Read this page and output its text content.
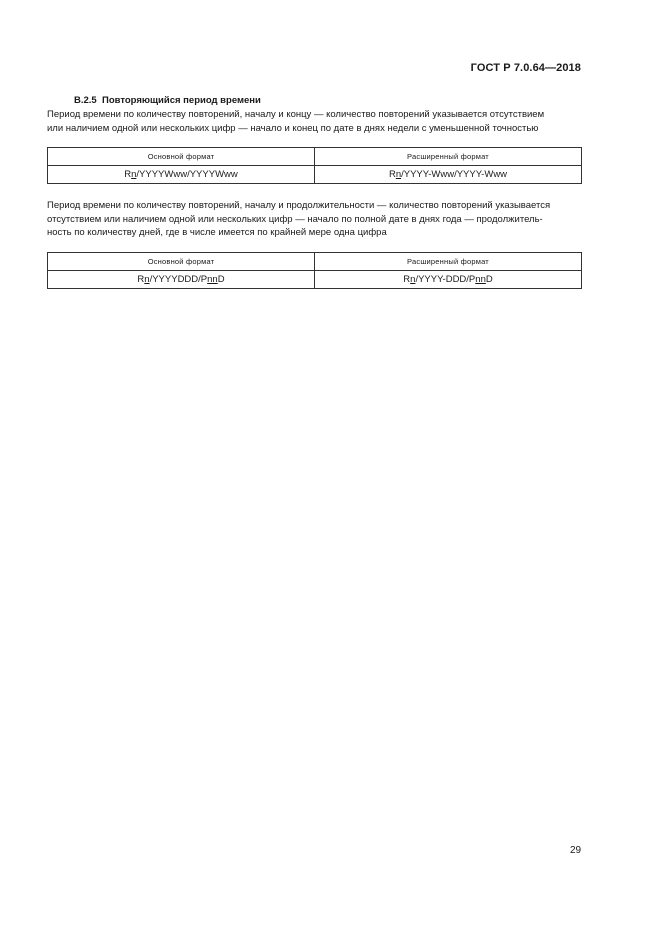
ГОСТ Р 7.0.64—2018
В.2.5 Повторяющийся период времени
Период времени по количеству повторений, началу и концу — количество повторений указывается отсутствием
или наличием одной или нескольких цифр — начало и конец по дате в днях недели с уменьшенной точностью
Основной формат	Расширенный формат
Rn/YYYYWww/YYYYWww	Rn/YYYY-Www/YYYY-Www
Период времени по количеству повторений, началу и продолжительности — количество повторений указывается
отсутствием или наличием одной или нескольких цифр — начало по полной дате в днях года — продолжитель-
ность по количеству дней, где в числе имеется по крайней мере одна цифра
Основной формат	Расширенный формат
Rn/YYYYDDD/PnnD	Rn/YYYY-DDD/PnnD
29
